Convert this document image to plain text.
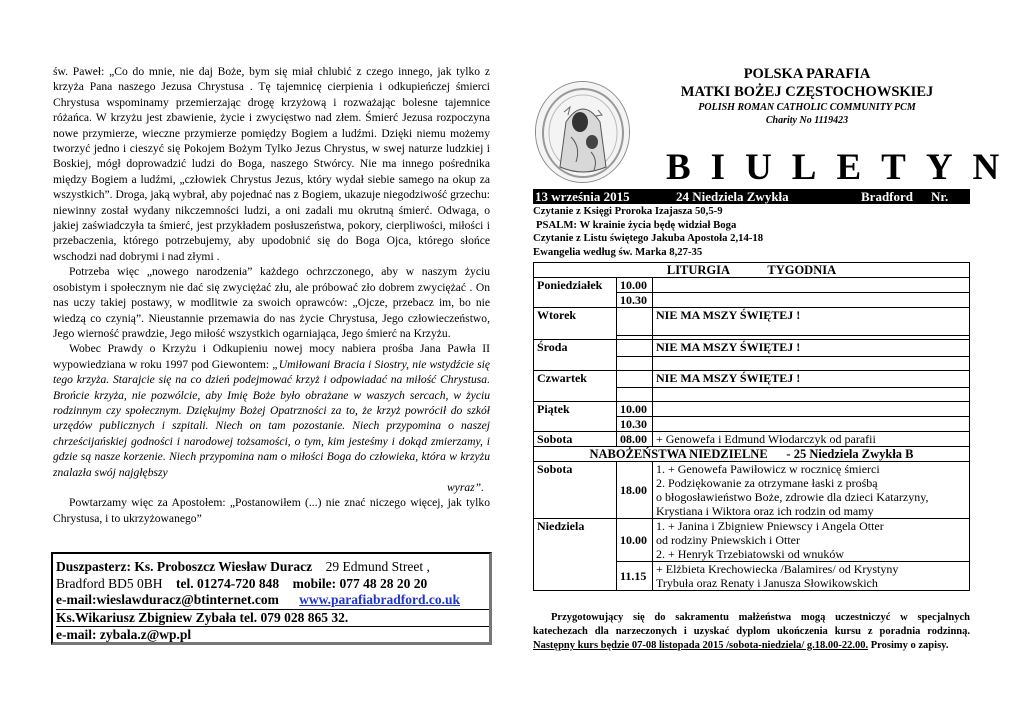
św. Paweł: „Co do mnie, nie daj Boże, bym się miał chlubić z czego innego, jak tylko z krzyża Pana naszego Jezusa Chrystusa . Tę tajemnicę cierpienia i odkupieńczej śmierci Chrystusa wspominamy przemierzając drogę krzyżową i rozważając bolesne tajemnice różańca. W krzyżu jest zbawienie, życie i zwycięstwo nad złem. Śmierć Jezusa rozpoczyna nowe przymierze, wieczne przymierze pomiędzy Bogiem a ludźmi. Dzięki niemu możemy tworzyć jedno i cieszyć się Pokojem Bożym Tylko Jezus Chrystus, w swej naturze ludzkiej i Boskiej, mógł doprowadzić ludzi do Boga, naszego Stwórcy. Nie ma innego pośrednika między Bogiem a ludźmi, „człowiek Chrystus Jezus, który wydał siebie samego na okup za wszystkich”. Droga, jaką wybrał, aby pojednać nas z Bogiem, ukazuje niegodziwość grzechu: niewinny został wydany nikczemności ludzi, a oni zadali mu okrutną śmierć. Odwaga, o jakiej zaświadczyła ta śmierć, jest przykładem posłuszeństwa, pokory, cierpliwości, miłości i przebaczenia, którego potrzebujemy, aby upodobnić się do Boga Ojca, którego słońce wschodzi nad dobrymi i nad złymi .

Potrzeba więc „nowego narodzenia” każdego ochrzczonego, aby w naszym życiu osobistym i społecznym nie dać się zwyciężać złu, ale próbować zło dobrem zwyciężać . On nas uczy takiej postawy, w modlitwie za swoich oprawców: „Ojcze, przebacz im, bo nie wiedzą co czynią”. Nieustannie przemawia do nas życie Chrystusa, Jego człowieczeństwo, Jego wierność prawdzie, Jego miłość wszystkich ogarniająca, Jego śmierć na Krzyżu.

Wobec Prawdy o Krzyżu i Odkupieniu nowej mocy nabiera prośba Jana Pawła II wypowiedziana w roku 1997 pod Giewontem: „Umiłowani Bracia i Siostry, nie wstydźcie się tego krzyża. Starajcie się na co dzień podejmować krzyż i odpowiadać na miłość Chrystusa. Brońcie krzyża, nie pozwólcie, aby Imię Boże było obrażane w waszych sercach, w życiu rodzinnym czy społecznym. Dziękujmy Bożej Opatrzności za to, że krzyż powrócił do szkół urzędów publicznych i szpitali. Niech on tam pozostanie. Niech przypomina o naszej chrześcijańskiej godności i narodowej tożsamości, o tym, kim jesteśmy i dokąd zmierzamy, i gdzie są nasze korzenie. Niech przypomina nam o miłości Boga do człowieka, która w krzyżu znalazła swój najgłębszy
wyraz”.

Powtarzamy więc za Apostołem: „Postanowiłem (...) nie znać niczego więcej, jak tylko Chrystusa, i to ukrzyżowanego”

Duszpasterz: Ks. Proboszcz Wiesław Duracz 29 Edmund Street ,
Bradford BD5 0BH tel. 01274-720 848 mobile: 077 48 28 20 20
e-mail:wieslawduracz@btinternet.com www.parafiabradford.co.uk
Ks.Wikariusz Zbigniew Zybała tel. 079 028 865 32.
e-mail: zybala.z@wp.pl
POLSKA PARAFIA
MATKI BOŻEJ CZĘSTOCHOWSKIEJ
POLISH ROMAN CATHOLIC COMMUNITY PCM
Charity No 1119423
BIULETYN
13 września 2015	24 Niedziela Zwykła	Bradford Nr.
Czytanie z Księgi Proroka Izajasza 50,5-9
PSALM: W krainie życia będę widział Boga
Czytanie z Listu świętego Jakuba Apostoła 2,14-18
Ewangelia według św. Marka 8,27-35
LITURGIA TYGODNIA		
Poniedziałek	10.00	
	10.30	
Wtorek		NIE MA MSZY ŚWIĘTEJ !

Środa		NIE MA MSZY ŚWIĘTEJ !

Czwartek		NIE MA MSZY ŚWIĘTEJ !

Piątek	10.00	
	10.30	
Sobota	08.00	+ Genowefa i Edmund Włodarczyk od parafii
NABOŻEŃSTWA NIEDZIELNE - 25 Niedziela Zwykła B		
Sobota	18.00	1. + Genowefa Pawiłowicz w rocznicę śmierci
2. Podziękowanie za otrzymane łaski z prośbą
o błogosławieństwo Boże, zdrowie dla dzieci Katarzyny,
Krystiana i Wiktora oraz ich rodzin od mamy

Niedziela	10.00	1. + Janina i Zbigniew Pniewscy i Angela Otter
od rodziny Pniewskich i Otter
2. + Henryk Trzebiatowski od wnuków

	11.15	+ Elżbieta Krechowiecka /Balamires/ od Krystyny
Trybuła oraz Renaty i Janusza Słowikowskich
Przygotowujący się do sakramentu małżeństwa mogą uczestniczyć w specjalnych katechezach dla narzeczonych i uzyskać dyplom ukończenia kursu z poradnia rodzinną. Następny kurs będzie 07-08 listopada 2015 /sobota-niedziela/ g.18.00-22.00. Prosimy o zapisy.
